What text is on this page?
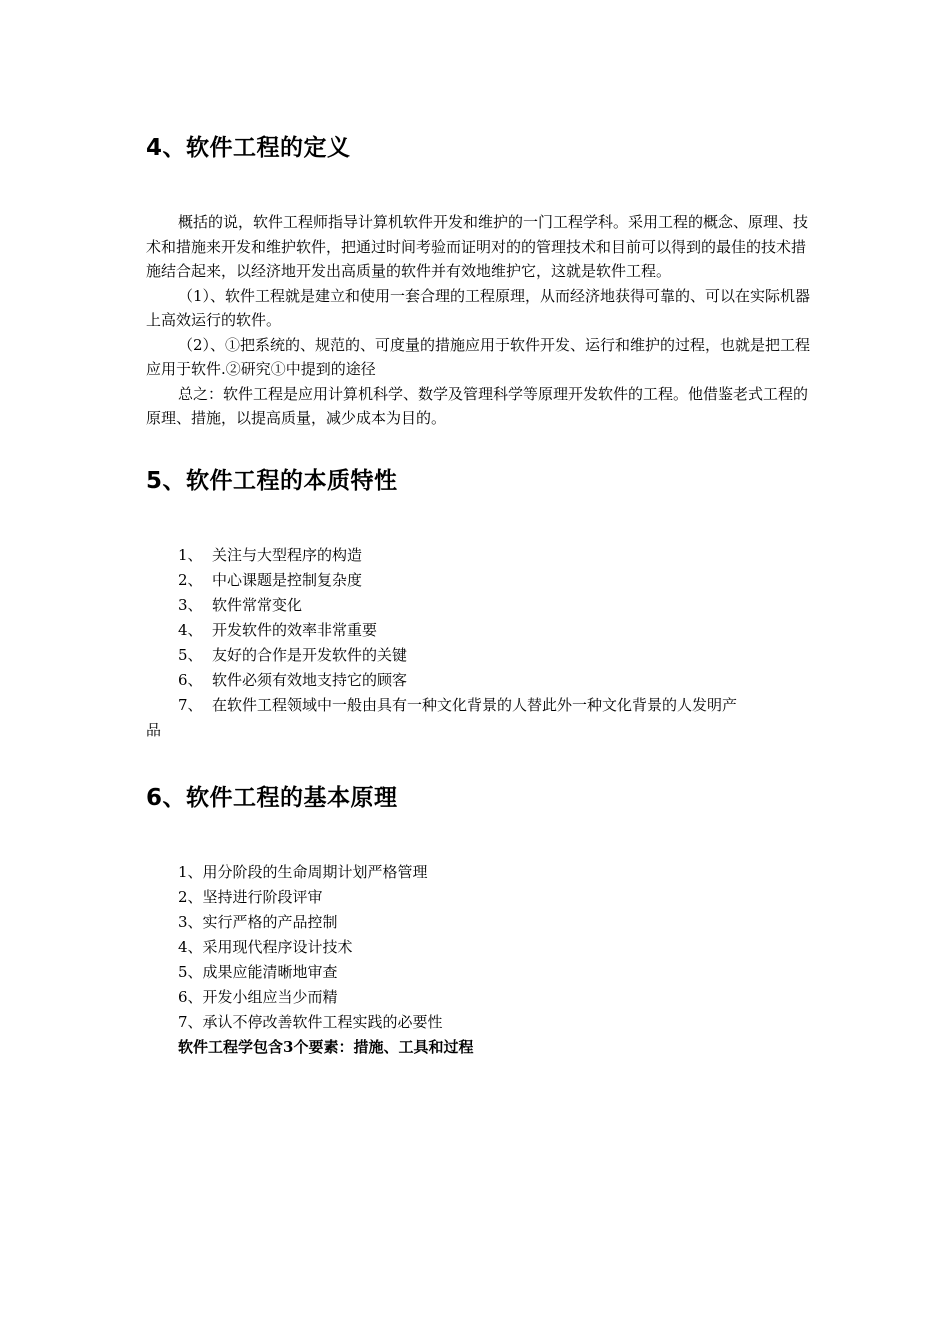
4、软件工程的定义

概括的说，软件工程师指导计算机软件开发和维护的一门工程学科。采用工程的概念、原理、技术和措施来开发和维护软件，把通过时间考验而证明对的的管理技术和目前可以得到的最佳的技术措施结合起来，以经济地开发出高质量的软件并有效地维护它，这就是软件工程。

（1）、软件工程就是建立和使用一套合理的工程原理，从而经济地获得可靠的、可以在实际机器上高效运行的软件。

（2）、①把系统的、规范的、可度量的措施应用于软件开发、运行和维护的过程，也就是把工程应用于软件.②研究①中提到的途径

总之：软件工程是应用计算机科学、数学及管理科学等原理开发软件的工程。他借鉴老式工程的原理、措施，以提高质量，减少成本为目的。

5、软件工程的本质特性
1、 关注与大型程序的构造
2、 中心课题是控制复杂度
3、 软件常常变化
4、 开发软件的效率非常重要
5、 友好的合作是开发软件的关键
6、 软件必须有效地支持它的顾客
7、 在软件工程领域中一般由具有一种文化背景的人替此外一种文化背景的人发明产
品
6、软件工程的基本原理
1、用分阶段的生命周期计划严格管理
2、坚持进行阶段评审
3、实行严格的产品控制
4、采用现代程序设计技术
5、成果应能清晰地审查
6、开发小组应当少而精
7、承认不停改善软件工程实践的必要性
软件工程学包含3个要素：措施、工具和过程
